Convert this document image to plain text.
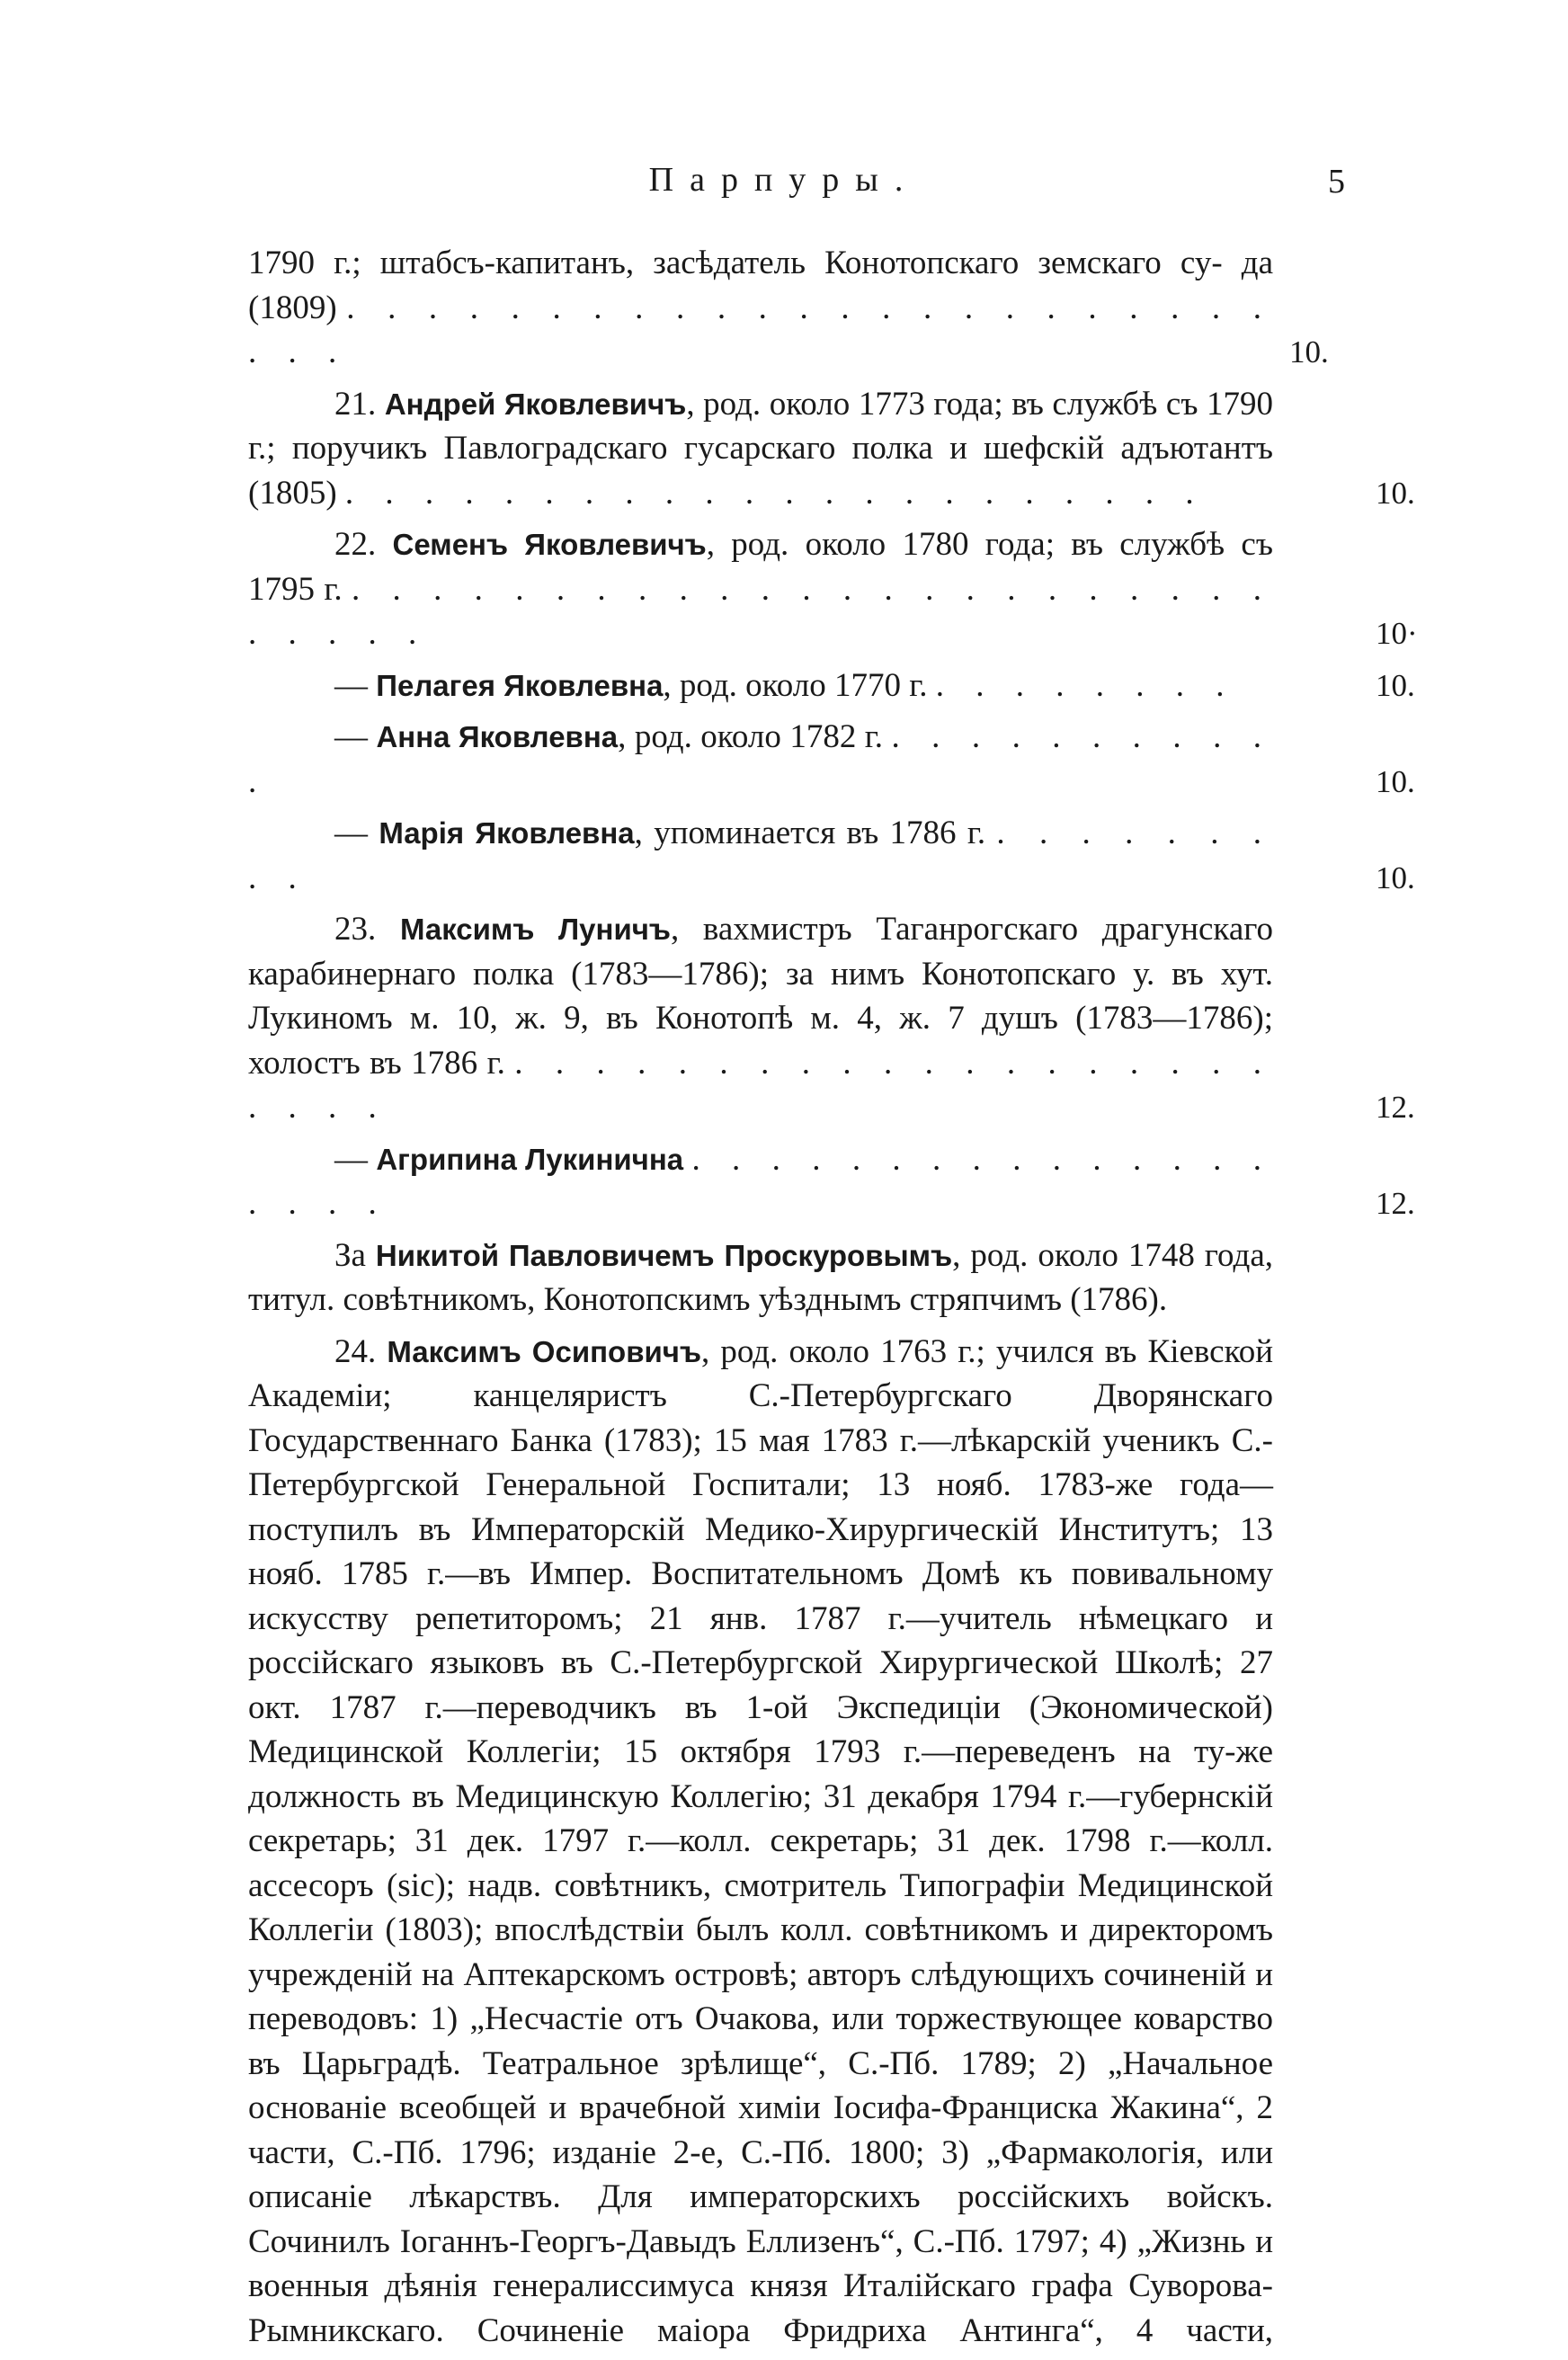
Парпуры.	5
1790 г.; штабсъ-капитанъ, засѣдатель Конотопскаго земскаго су- да (1809) . . . . . . . . . . . . . . . . . . . . . . . . . .	10.
21. Андрей Яковлевичъ, род. около 1773 года; въ службѣ съ 1790 г.; поручикъ Павлоградскаго гусарскаго полка и шефскій адъютантъ (1805) . . . . . . . . . . . . . . . . . . . . . .	10.
22. Семенъ Яковлевичъ, род. около 1780 года; въ службѣ съ 1795 г. . . . . . . . . . . . . . . . . . . . . . . . . . . . .	10·
— Пелагея Яковлевна, род. около 1770 г. . . . . . . . .	10.
— Анна Яковлевна, род. около 1782 г. . . . . . . . . . . .	10.
— Марія Яковлевна, упоминается въ 1786 г. . . . . . . . . .	10.
23. Максимъ Луничъ, вахмистръ Таганрогскаго драгунскаго карабинернаго полка (1783—1786); за нимъ Конотопскаго у. въ хут. Лукиномъ м. 10, ж. 9, въ Конотопѣ м. 4, ж. 7 душъ (1783—1786); холостъ въ 1786 г. . . . . . . . . . . . . . . . . . . . . . . .	12.
— Агрипина Лукинична . . . . . . . . . . . . . . . . . . .	12.
За Никитой Павловичемъ Проскуровымъ, род. около 1748 года, титул. совѣтникомъ, Конотопскимъ уѣзднымъ стряпчимъ (1786).
24. Максимъ Осиповичъ, род. около 1763 г.; учился въ Кіевской Академіи; канцеляристъ С.-Петербургскаго Дворянскаго Государственнаго Банка (1783); 15 мая 1783 г.—лѣкарскій ученикъ С.-Петербургской Генеральной Госпитали; 13 нояб. 1783-же года—поступилъ въ Императорскій Медико-Хирургическій Институтъ; 13 нояб. 1785 г.—въ Импер. Воспитательномъ Домѣ къ повивальному искусству репетиторомъ; 21 янв. 1787 г.—учитель нѣмецкаго и россійскаго языковъ въ С.-Петербургской Хирургической Школѣ; 27 окт. 1787 г.—переводчикъ въ 1-ой Экспедиціи (Экономической) Медицинской Коллегіи; 15 октября 1793 г.—переведенъ на ту-же должность въ Медицинскую Коллегію; 31 декабря 1794 г.—губернскій секретарь; 31 дек. 1797 г.—колл. секретарь; 31 дек. 1798 г.—колл. ассесоръ (sic); надв. совѣтникъ, смотритель Типографіи Медицинской Коллегіи (1803); впослѣдствіи былъ колл. совѣтникомъ и директоромъ учрежденій на Аптекарскомъ островѣ; авторъ слѣдующихъ сочиненій и переводовъ: 1) „Несчастіе отъ Очакова, или торжествующее коварство въ Царьградѣ. Театральное зрѣлище“, С.-Пб. 1789; 2) „Начальное основаніе всеобщей и врачебной химіи Іосифа-Франциска Жакина“, 2 части, С.-Пб. 1796; изданіе 2-е, С.-Пб. 1800; 3) „Фармакологія, или описаніе лѣкарствъ. Для императорскихъ россійскихъ войскъ. Сочинилъ Іоганнъ-Георгъ-Давыдъ Еллизенъ“, С.-Пб. 1797; 4) „Жизнь и военныя дѣянія генералиссимуса князя Италійскаго графа Суворова-Рымникскаго. Сочиненіе маіора Фридриха Антинга“, 4 части,
